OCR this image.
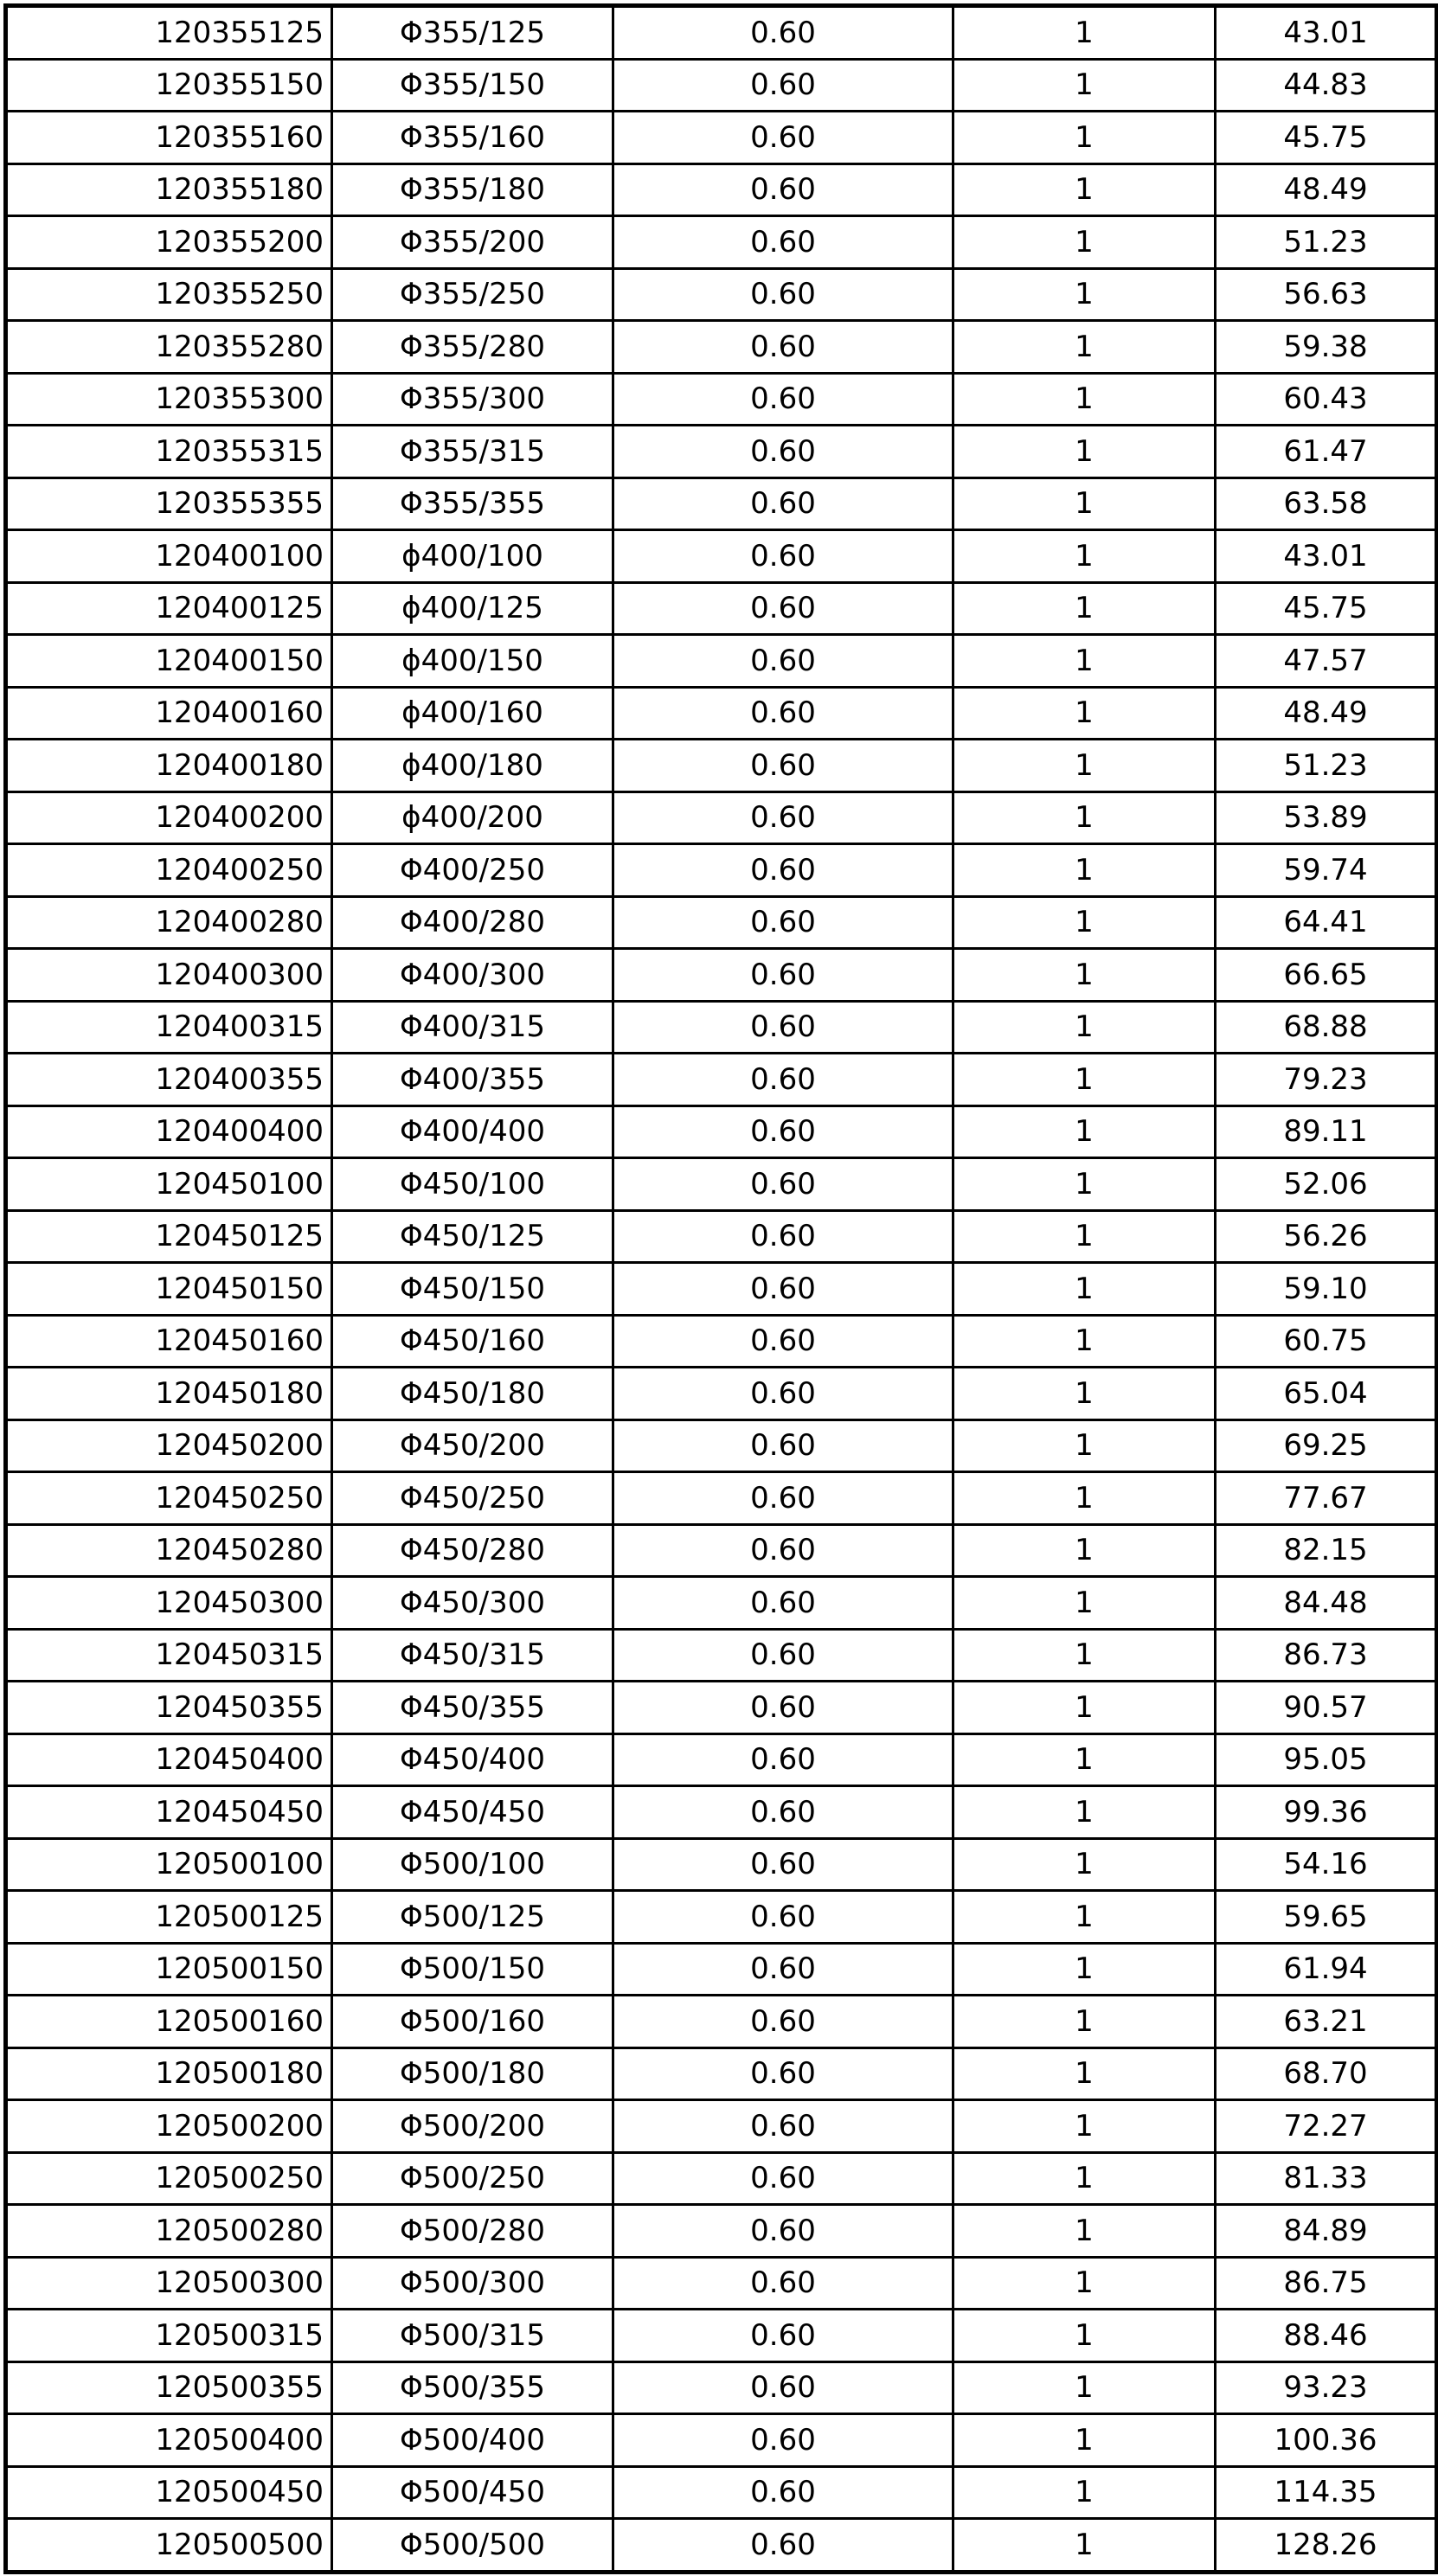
120355125	Φ355/125	0.60	1	43.01
120355150	Φ355/150	0.60	1	44.83
120355160	Φ355/160	0.60	1	45.75
120355180	Φ355/180	0.60	1	48.49
120355200	Φ355/200	0.60	1	51.23
120355250	Φ355/250	0.60	1	56.63
120355280	Φ355/280	0.60	1	59.38
120355300	Φ355/300	0.60	1	60.43
120355315	Φ355/315	0.60	1	61.47
120355355	Φ355/355	0.60	1	63.58
120400100	ɸ400/100	0.60	1	43.01
120400125	ɸ400/125	0.60	1	45.75
120400150	ɸ400/150	0.60	1	47.57
120400160	ɸ400/160	0.60	1	48.49
120400180	ɸ400/180	0.60	1	51.23
120400200	ɸ400/200	0.60	1	53.89
120400250	Φ400/250	0.60	1	59.74
120400280	Φ400/280	0.60	1	64.41
120400300	Φ400/300	0.60	1	66.65
120400315	Φ400/315	0.60	1	68.88
120400355	Φ400/355	0.60	1	79.23
120400400	Φ400/400	0.60	1	89.11
120450100	Φ450/100	0.60	1	52.06
120450125	Φ450/125	0.60	1	56.26
120450150	Φ450/150	0.60	1	59.10
120450160	Φ450/160	0.60	1	60.75
120450180	Φ450/180	0.60	1	65.04
120450200	Φ450/200	0.60	1	69.25
120450250	Φ450/250	0.60	1	77.67
120450280	Φ450/280	0.60	1	82.15
120450300	Φ450/300	0.60	1	84.48
120450315	Φ450/315	0.60	1	86.73
120450355	Φ450/355	0.60	1	90.57
120450400	Φ450/400	0.60	1	95.05
120450450	Φ450/450	0.60	1	99.36
120500100	Φ500/100	0.60	1	54.16
120500125	Φ500/125	0.60	1	59.65
120500150	Φ500/150	0.60	1	61.94
120500160	Φ500/160	0.60	1	63.21
120500180	Φ500/180	0.60	1	68.70
120500200	Φ500/200	0.60	1	72.27
120500250	Φ500/250	0.60	1	81.33
120500280	Φ500/280	0.60	1	84.89
120500300	Φ500/300	0.60	1	86.75
120500315	Φ500/315	0.60	1	88.46
120500355	Φ500/355	0.60	1	93.23
120500400	Φ500/400	0.60	1	100.36
120500450	Φ500/450	0.60	1	114.35
120500500	Φ500/500	0.60	1	128.26
